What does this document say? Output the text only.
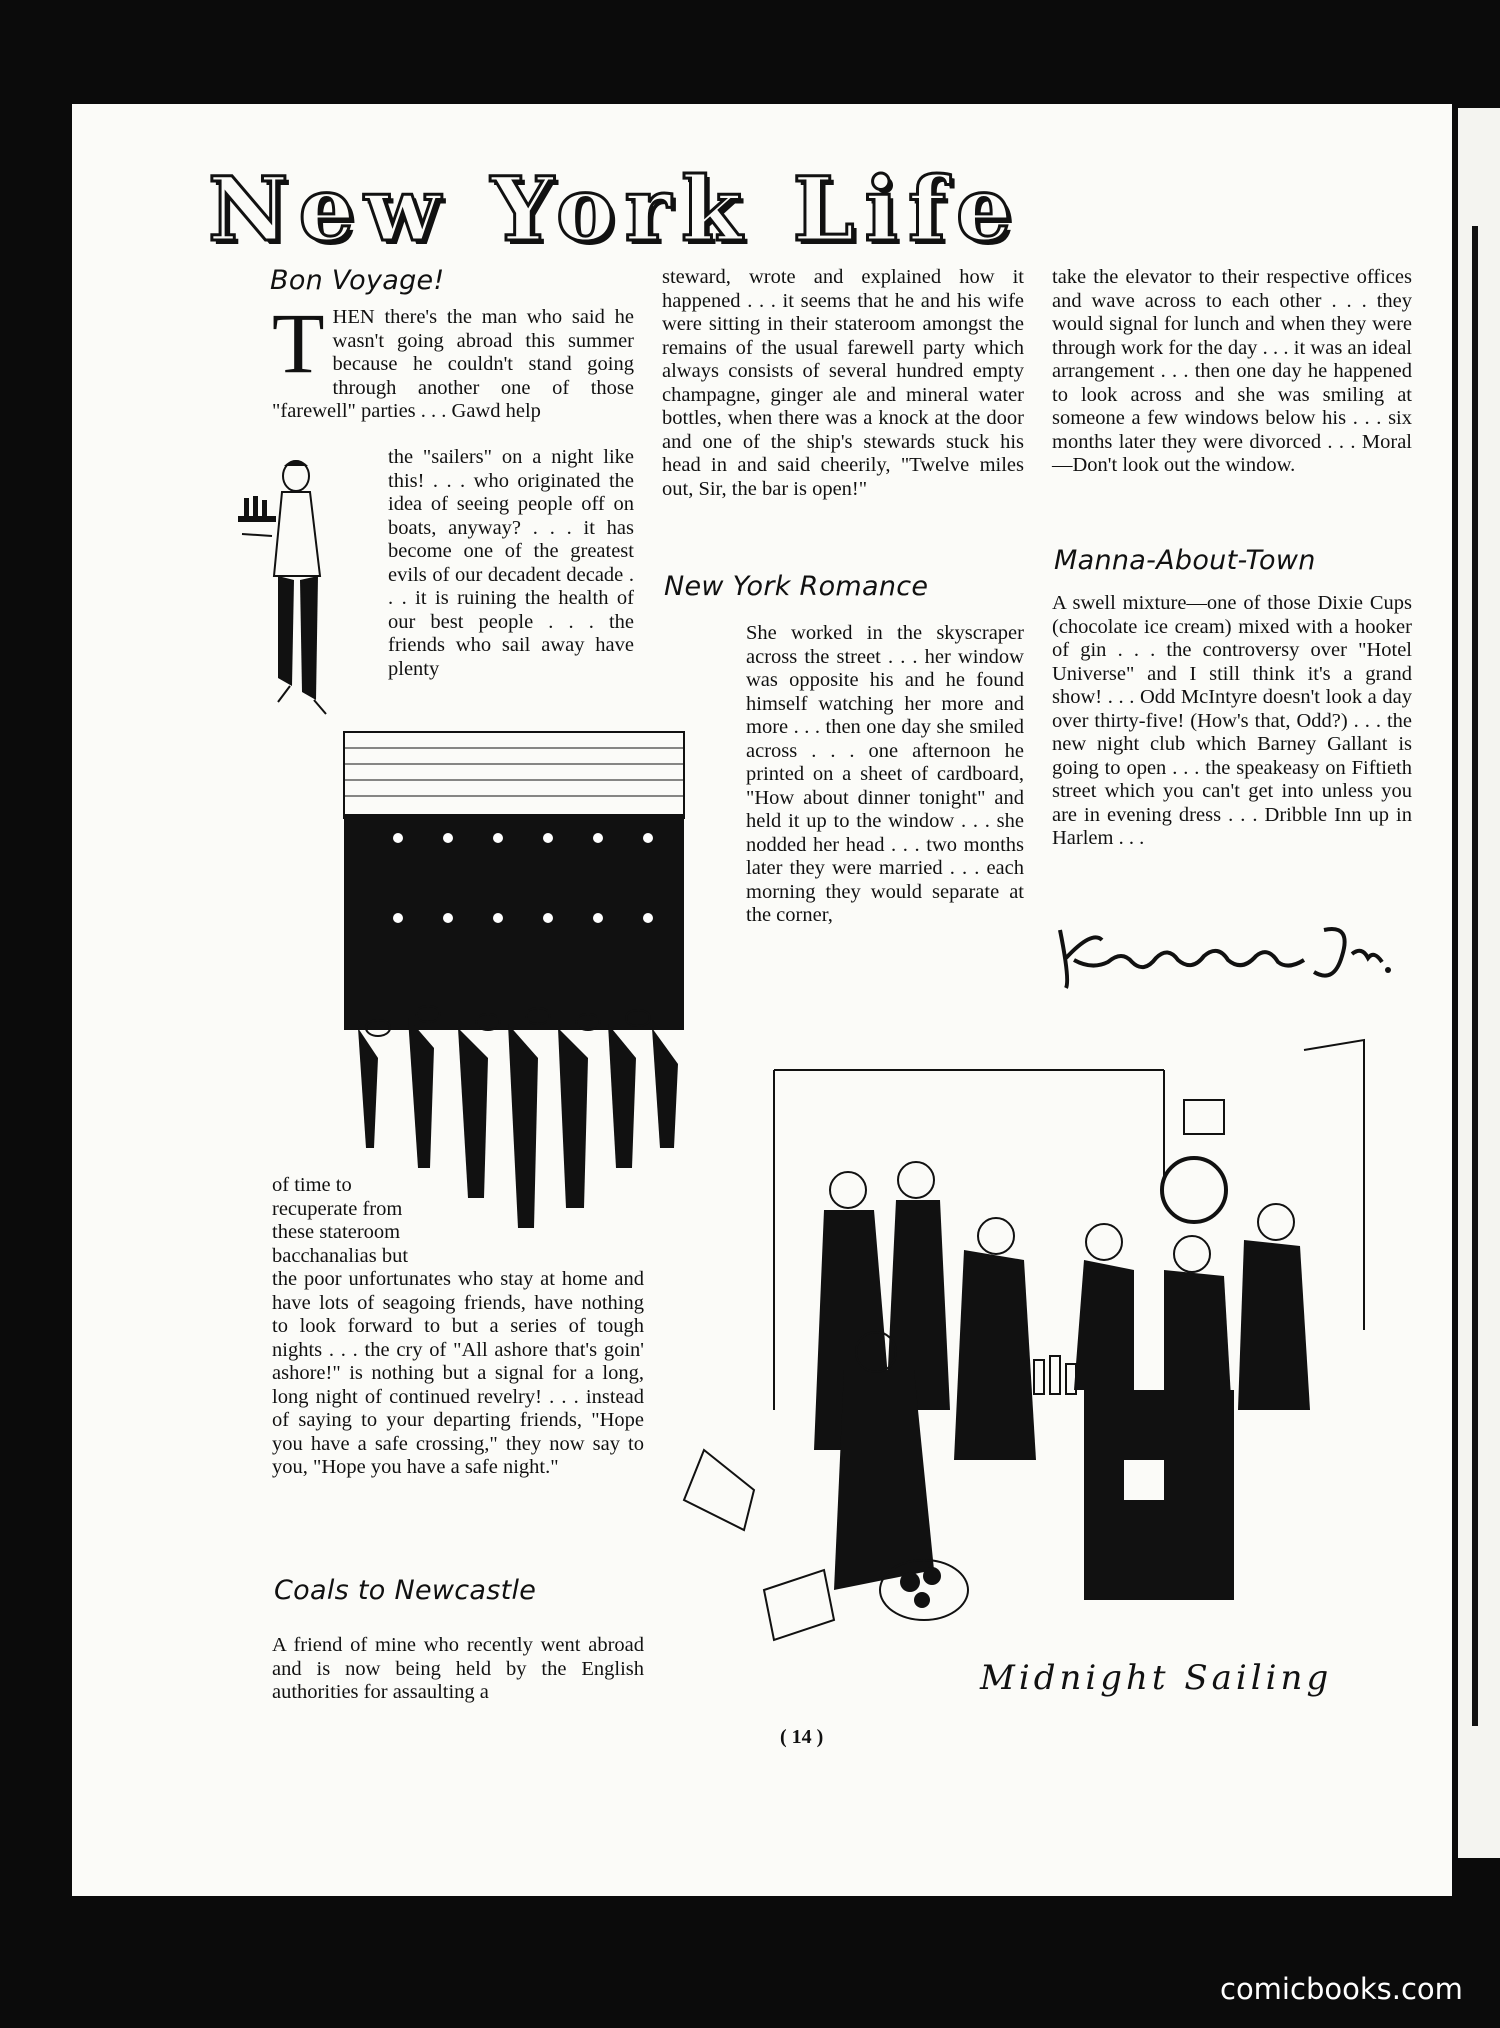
New York Life
Bon Voyage!
T HEN there's the man who said he wasn't going abroad this summer because he couldn't stand going through another one of those "farewell" parties . . . Gawd help

the "sailers" on a night like this! . . . who originated the idea of seeing people off on boats, anyway? . . . it has become one of the greatest evils of our decadent decade . . . it is ruining the health of our best people . . . the friends who sail away have plenty
of time to recuperate from these stateroom bacchanalias but
the poor unfortunates who stay at home and have lots of seagoing friends, have nothing to look forward to but a series of tough nights . . . the cry of "All ashore that's goin' ashore!" is nothing but a signal for a long, long night of continued revelry! . . . instead of saying to your departing friends, "Hope you have a safe crossing," they now say to you, "Hope you have a safe night."
Coals to Newcastle
A friend of mine who recently went abroad and is now being held by the English authorities for assaulting a
steward, wrote and explained how it happened . . . it seems that he and his wife were sitting in their stateroom amongst the remains of the usual farewell party which always consists of several hundred empty champagne, ginger ale and mineral water bottles, when there was a knock at the door and one of the ship's stewards stuck his head in and said cheerily, "Twelve miles out, Sir, the bar is open!"
New York Romance
She worked in the skyscraper across the street . . . her window was opposite his and he found himself watching her more and more . . . then one day she smiled across . . . one afternoon he printed on a sheet of cardboard, "How about dinner tonight" and held it up to the window . . . she nodded her head . . . two months later they were married . . . each morning they would separate at the corner,
take the elevator to their respective offices and wave across to each other . . . they would signal for lunch and when they were through work for the day . . . it was an ideal arrangement . . . then one day he happened to look across and she was smiling at someone a few windows below his . . . six months later they were divorced . . . Moral—Don't look out the window.
Manna-About-Town
A swell mixture—one of those Dixie Cups (chocolate ice cream) mixed with a hooker of gin . . . the controversy over "Hotel Universe" and I still think it's a grand show! . . . Odd McIntyre doesn't look a day over thirty-five! (How's that, Odd?) . . . the new night club which Barney Gallant is going to open . . . the speakeasy on Fiftieth street which you can't get into unless you are in evening dress . . . Dribble Inn up in Harlem . . .
Midnight Sailing
( 14 )
comicbooks.com
